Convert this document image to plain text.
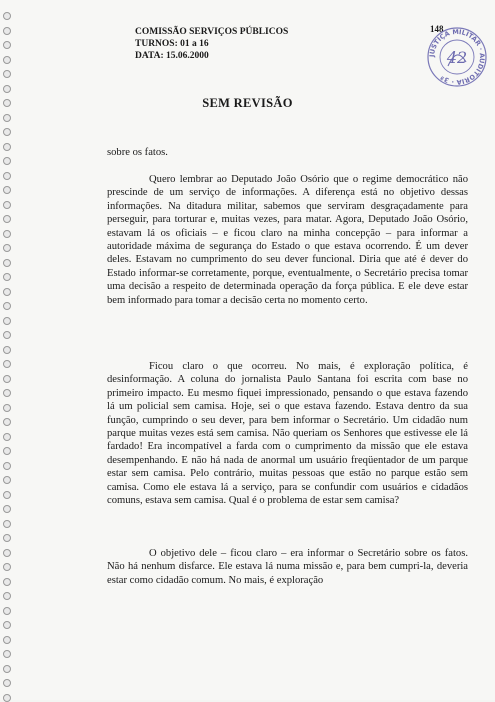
COMISSÃO SERVIÇOS PÚBLICOS
TURNOS: 01 a 16
DATA: 15.06.2000
148
JUSTIÇA MILITAR · AUDITORIA · 3ª
42
SEM REVISÃO

sobre os fatos.

Quero lembrar ao Deputado João Osório que o regime democrático não prescinde de um serviço de informações. A diferença está no objetivo dessas informações. Na ditadura militar, sabemos que serviram desgraçadamente para perseguir, para torturar e, muitas vezes, para matar. Agora, Deputado João Osório, estavam lá os oficiais – e ficou claro na minha concepção – para informar a autoridade máxima de segurança do Estado o que estava ocorrendo. É um dever deles. Estavam no cumprimento do seu dever funcional. Diria que até é dever do Estado informar-se corretamente, porque, eventualmente, o Secretário precisa tomar uma decisão a respeito de determinada operação da força pública. E ele deve estar bem informado para tomar a decisão certa no momento certo.

Ficou claro o que ocorreu. No mais, é exploração política, é desinformação. A coluna do jornalista Paulo Santana foi escrita com base no primeiro impacto. Eu mesmo fiquei impressionado, pensando o que estava fazendo lá um policial sem camisa. Hoje, sei o que estava fazendo. Estava dentro da sua função, cumprindo o seu dever, para bem informar o Secretário. Um cidadão num parque muitas vezes está sem camisa. Não queriam os Senhores que estivesse ele lá fardado! Era incompatível a farda com o cumprimento da missão que ele estava desempenhando. E não há nada de anormal um usuário freqüentador de um parque estar sem camisa. Pelo contrário, muitas pessoas que estão no parque estão sem camisa. Como ele estava lá a serviço, para se confundir com usuários e cidadãos comuns, estava sem camisa. Qual é o problema de estar sem camisa?

O objetivo dele – ficou claro – era informar o Secretário sobre os fatos. Não há nenhum disfarce. Ele estava lá numa missão e, para bem cumpri-la, deveria estar como cidadão comum. No mais, é exploração
